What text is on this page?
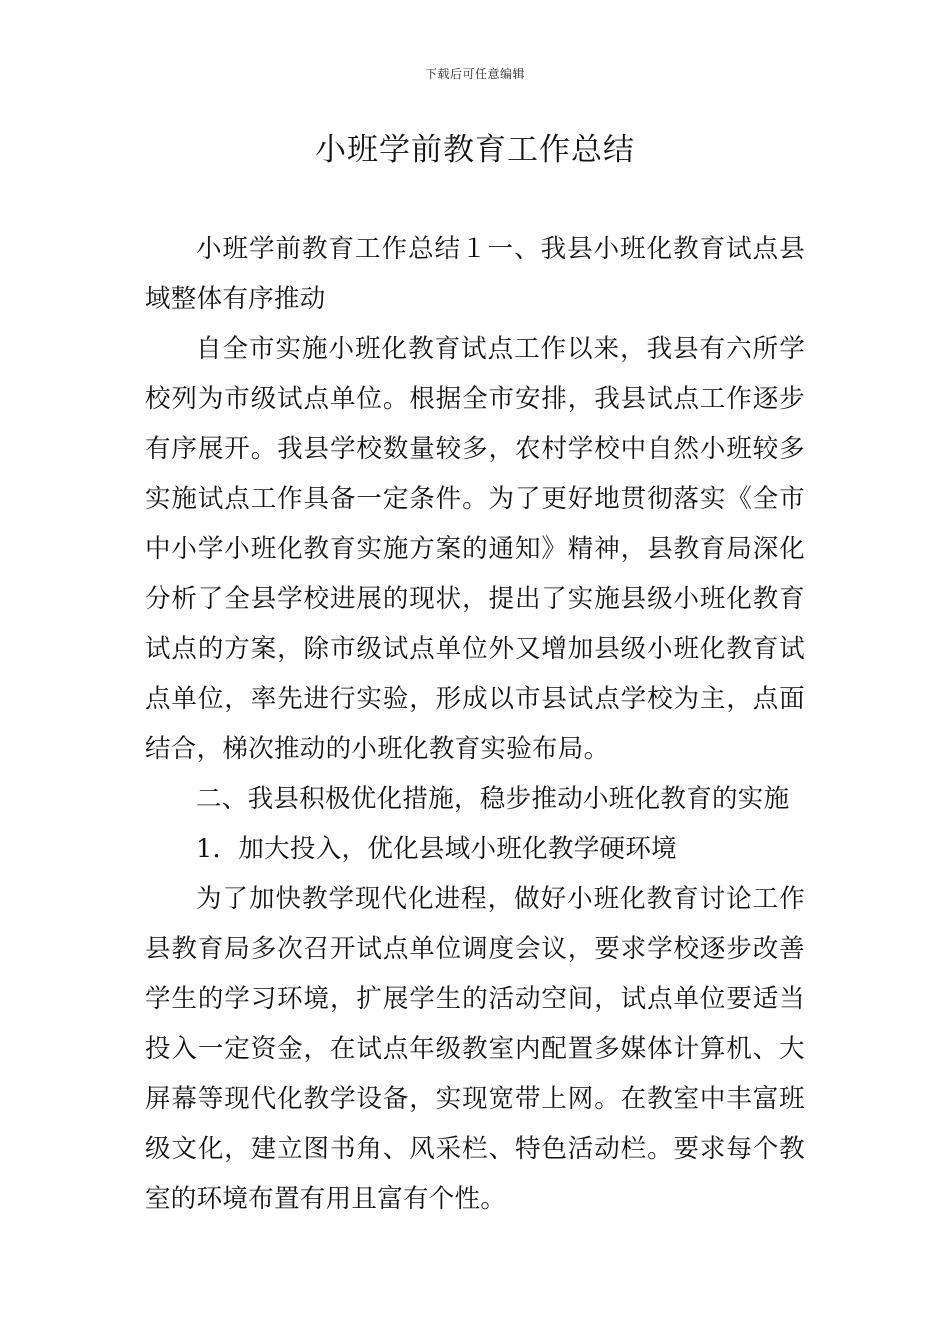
下载后可任意编辑
小班学前教育工作总结

小班学前教育工作总结１一、我县小班化教育试点县域整体有序推动

自全市实施小班化教育试点工作以来，我县有六所学校列为市级试点单位。根据全市安排，我县试点工作逐步有序展开。我县学校数量较多，农村学校中自然小班较多实施试点工作具备一定条件。为了更好地贯彻落实《全市中小学小班化教育实施方案的通知》精神，县教育局深化分析了全县学校进展的现状，提出了实施县级小班化教育试点的方案，除市级试点单位外又增加县级小班化教育试点单位，率先进行实验，形成以市县试点学校为主，点面结合，梯次推动的小班化教育实验布局。

二、我县积极优化措施，稳步推动小班化教育的实施

1．加大投入，优化县域小班化教学硬环境

为了加快教学现代化进程，做好小班化教育讨论工作县教育局多次召开试点单位调度会议，要求学校逐步改善学生的学习环境，扩展学生的活动空间，试点单位要适当投入一定资金，在试点年级教室内配置多媒体计算机、大屏幕等现代化教学设备，实现宽带上网。在教室中丰富班级文化，建立图书角、风采栏、特色活动栏。要求每个教室的环境布置有用且富有个性。
